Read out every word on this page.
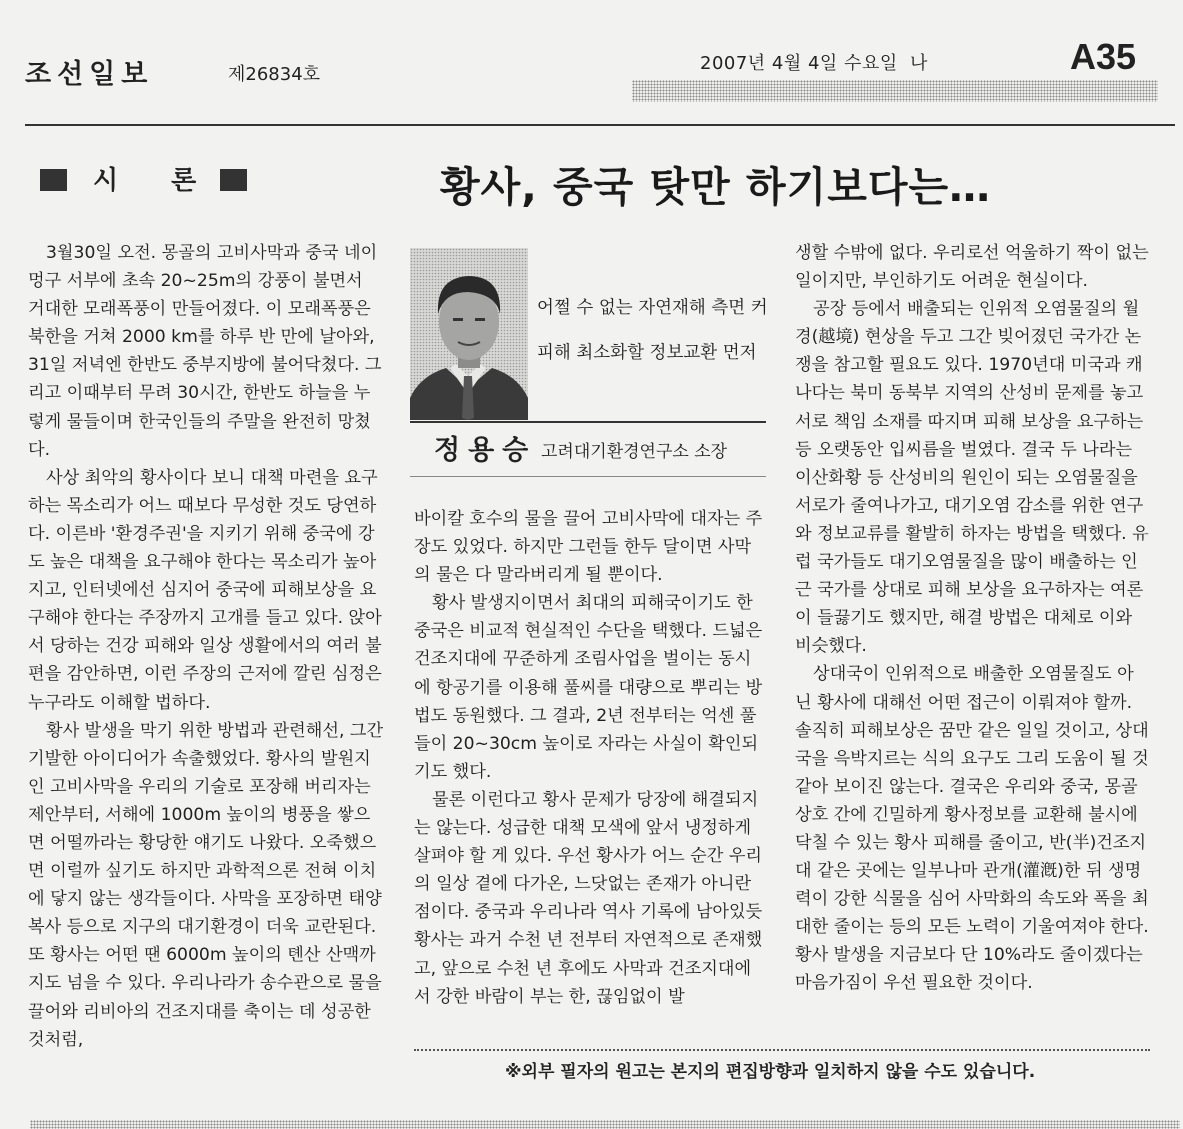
조선일보	제26834호
2007년 4월 4일 수요일 나	A35
시 론	황사, 중국 탓만 하기보다는…

3월30일 오전. 몽골의 고비사막과 중국 네이멍구 서부에 초속 20~25m의 강풍이 불면서 거대한 모래폭풍이 만들어졌다. 이 모래폭풍은 북한을 거쳐 2000 km를 하루 반 만에 날아와, 31일 저녁엔 한반도 중부지방에 불어닥쳤다. 그리고 이때부터 무려 30시간, 한반도 하늘을 누렇게 물들이며 한국인들의 주말을 완전히 망쳤다.

사상 최악의 황사이다 보니 대책 마련을 요구하는 목소리가 어느 때보다 무성한 것도 당연하다. 이른바 '환경주권'을 지키기 위해 중국에 강도 높은 대책을 요구해야 한다는 목소리가 높아지고, 인터넷에선 심지어 중국에 피해보상을 요구해야 한다는 주장까지 고개를 들고 있다. 앉아서 당하는 건강 피해와 일상 생활에서의 여러 불편을 감안하면, 이런 주장의 근저에 깔린 심정은 누구라도 이해할 법하다.

황사 발생을 막기 위한 방법과 관련해선, 그간 기발한 아이디어가 속출했었다. 황사의 발원지인 고비사막을 우리의 기술로 포장해 버리자는 제안부터, 서해에 1000m 높이의 병풍을 쌓으면 어떨까라는 황당한 얘기도 나왔다. 오죽했으면 이럴까 싶기도 하지만 과학적으론 전혀 이치에 닿지 않는 생각들이다. 사막을 포장하면 태양 복사 등으로 지구의 대기환경이 더욱 교란된다. 또 황사는 어떤 땐 6000m 높이의 톈산 산맥까지도 넘을 수 있다. 우리나라가 송수관으로 물을 끌어와 리비아의 건조지대를 축이는 데 성공한 것처럼,

어쩔 수 없는 자연재해 측면 커
피해 최소화할 정보교환 먼저
정용승 고려대기환경연구소 소장

바이칼 호수의 물을 끌어 고비사막에 대자는 주장도 있었다. 하지만 그런들 한두 달이면 사막의 물은 다 말라버리게 될 뿐이다.

황사 발생지이면서 최대의 피해국이기도 한 중국은 비교적 현실적인 수단을 택했다. 드넓은 건조지대에 꾸준하게 조림사업을 벌이는 동시에 항공기를 이용해 풀씨를 대량으로 뿌리는 방법도 동원했다. 그 결과, 2년 전부터는 억센 풀들이 20~30cm 높이로 자라는 사실이 확인되기도 했다.

물론 이런다고 황사 문제가 당장에 해결되지는 않는다. 성급한 대책 모색에 앞서 냉정하게 살펴야 할 게 있다. 우선 황사가 어느 순간 우리의 일상 곁에 다가온, 느닷없는 존재가 아니란 점이다. 중국과 우리나라 역사 기록에 남아있듯 황사는 과거 수천 년 전부터 자연적으로 존재했고, 앞으로 수천 년 후에도 사막과 건조지대에서 강한 바람이 부는 한, 끊임없이 발

생할 수밖에 없다. 우리로선 억울하기 짝이 없는 일이지만, 부인하기도 어려운 현실이다.

공장 등에서 배출되는 인위적 오염물질의 월경(越境) 현상을 두고 그간 빚어졌던 국가간 논쟁을 참고할 필요도 있다. 1970년대 미국과 캐나다는 북미 동북부 지역의 산성비 문제를 놓고 서로 책임 소재를 따지며 피해 보상을 요구하는 등 오랫동안 입씨름을 벌였다. 결국 두 나라는 이산화황 등 산성비의 원인이 되는 오염물질을 서로가 줄여나가고, 대기오염 감소를 위한 연구와 정보교류를 활발히 하자는 방법을 택했다. 유럽 국가들도 대기오염물질을 많이 배출하는 인근 국가를 상대로 피해 보상을 요구하자는 여론이 들끓기도 했지만, 해결 방법은 대체로 이와 비슷했다.

상대국이 인위적으로 배출한 오염물질도 아닌 황사에 대해선 어떤 접근이 이뤄져야 할까. 솔직히 피해보상은 꿈만 같은 일일 것이고, 상대국을 윽박지르는 식의 요구도 그리 도움이 될 것 같아 보이진 않는다. 결국은 우리와 중국, 몽골 상호 간에 긴밀하게 황사정보를 교환해 불시에 닥칠 수 있는 황사 피해를 줄이고, 반(半)건조지대 같은 곳에는 일부나마 관개(灌漑)한 뒤 생명력이 강한 식물을 심어 사막화의 속도와 폭을 최대한 줄이는 등의 모든 노력이 기울여져야 한다. 황사 발생을 지금보다 단 10%라도 줄이겠다는 마음가짐이 우선 필요한 것이다.

※외부 필자의 원고는 본지의 편집방향과 일치하지 않을 수도 있습니다.
